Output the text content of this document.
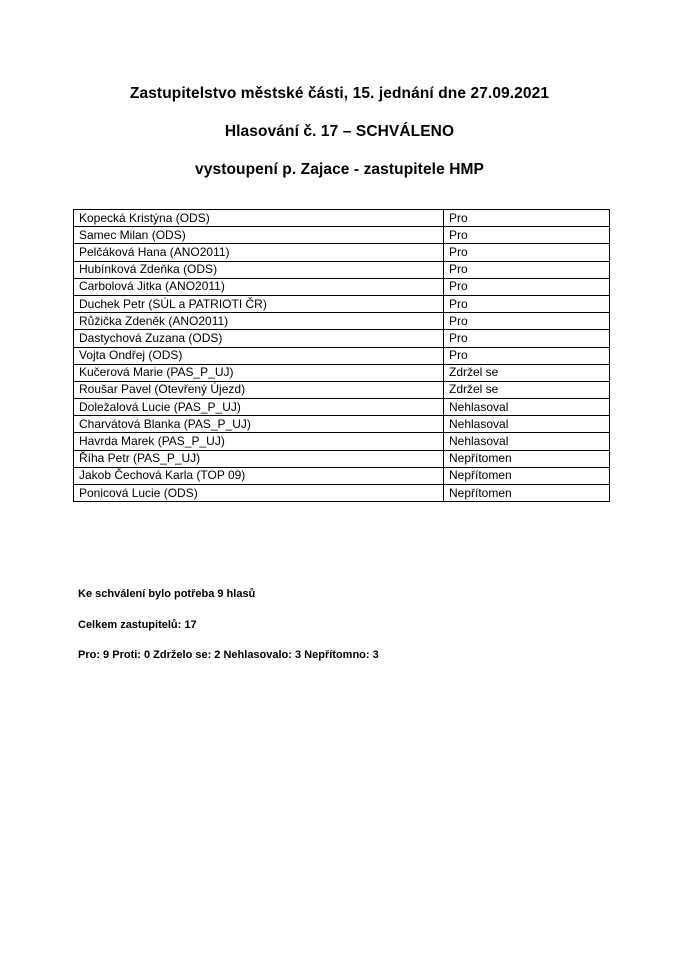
Zastupitelstvo městské části, 15. jednání dne 27.09.2021
Hlasování č. 17 – SCHVÁLENO
vystoupení p. Zajace - zastupitele HMP
Kopecká Kristýna (ODS)	Pro
Samec Milan (ODS)	Pro
Pelčáková Hana (ANO2011)	Pro
Hubínková Zdeňka (ODS)	Pro
Carbolová Jitka (ANO2011)	Pro
Duchek Petr (SÚL a PATRIOTI ČR)	Pro
Růžička Zdeněk (ANO2011)	Pro
Dastychová Zuzana (ODS)	Pro
Vojta Ondřej (ODS)	Pro
Kučerová Marie (PAS_P_UJ)	Zdržel se
Roušar Pavel (Otevřený Újezd)	Zdržel se
Doležalová Lucie (PAS_P_UJ)	Nehlasoval
Charvátová Blanka (PAS_P_UJ)	Nehlasoval
Havrda Marek (PAS_P_UJ)	Nehlasoval
Říha Petr (PAS_P_UJ)	Nepřítomen
Jakob Čechová Karla (TOP 09)	Nepřítomen
Ponicová Lucie (ODS)	Nepřítomen

Ke schválení bylo potřeba 9 hlasů

Celkem zastupitelů: 17

Pro: 9 Proti: 0 Zdrželo se: 2 Nehlasovalo: 3 Nepřítomno: 3
